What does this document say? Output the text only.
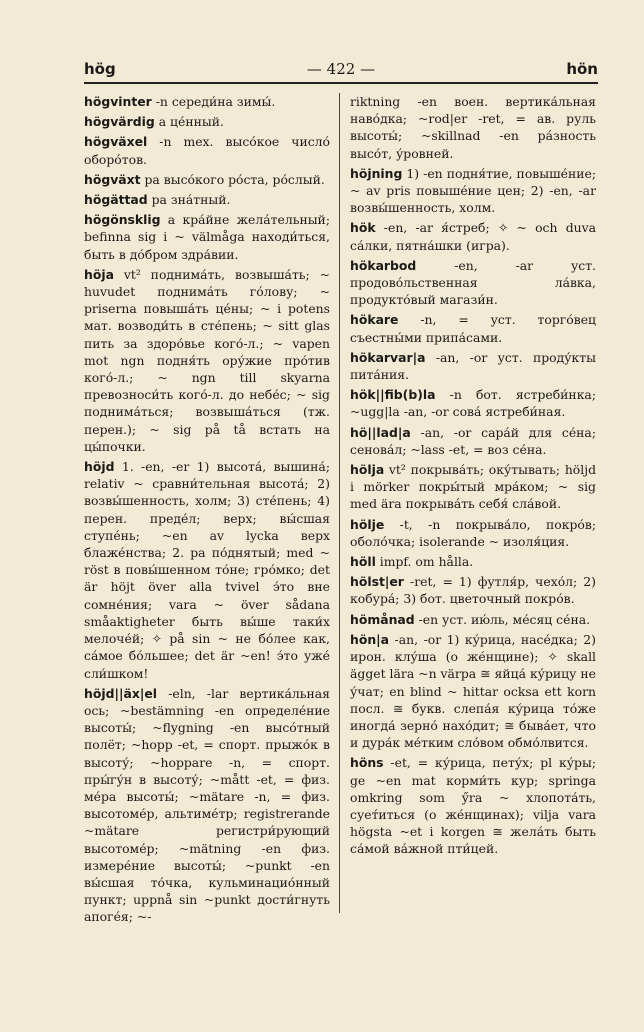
hög	— 422 —	hön

högvinter -n середи́на зимы́.

högvärdig a це́нный.

högväxel -n mex. высо́кое число́ оборо́тов.

högväxt pa высо́кого ро́ста, ро́слый.

högättad pa зна́тный.

högönsklig a кра́йне жела́тельный; befinna sig i ~ välmåga находи́ться, быть в до́бром здра́вии.

höja vt² поднима́ть, возвыша́ть; ~ huvudet поднима́ть го́лову; ~ priserna повыша́ть це́ны; ~ i potens мат. возводи́ть в сте́пень; ~ sitt glas пить за здоро́вье кого́-л.; ~ vapen mot ngn подня́ть ору́жие про́тив кого́-л.; ~ ngn till skyarna превозноси́ть кого́-л. до небе́с; ~ sig поднима́ться; возвыша́ться (тж. перен.); ~ sig på tå встать на цы́почки.

höjd 1. -en, -er 1) высота́, вышина́; relativ ~ сравни́тельная высота́; 2) возвы́шенность, холм; 3) сте́пень; 4) перен. преде́л; верх; вы́сшая ступе́нь; ~en av lycka верх блаже́нства; 2. pa по́днятый; med ~ röst в повы́шенном то́не; гро́мко; det är höjt över alla tvivel э́то вне сомне́ния; vara ~ över sådana småaktigheter быть вы́ше таки́х мелоче́й; ✧ på sin ~ не бо́лее как, са́мое бо́льшее; det är ~en! э́то уже́ сли́шком!

höjd||äx|el -eln, -lar вертика́льная ось; ~bestämning -en определе́ние высоты́; ~flygning -en высо́тный полёт; ~hopp -et, = спорт. прыжо́к в высоту́; ~hoppare -n, = спорт. пры́гу́н в высоту́; ~mått -et, = физ. ме́ра высоты́; ~mätare -n, = физ. высотоме́р, альтиме́тр; registrerande ~mätare регистри́рующий высотоме́р; ~mätning -en физ. измере́ние высоты́; ~punkt -en вы́сшая то́чка, кульминацио́нный пункт; uppnå sin ~punkt дости́гнуть апоге́я; ~-

riktning -en воен. вертика́льная наво́дка; ~rod|er -ret, = ав. руль высоты́; ~skillnad -en ра́зность высо́т, у́ровней.

höjning 1) -en подня́тие, повыше́ние; ~ av pris повыше́ние цен; 2) -en, -ar возвы́шенность, холм.

hök -en, -ar я́стреб; ✧ ~ och duva са́лки, пятна́шки (игра).

hökarbod -en, -ar уст. продово́льственная ла́вка, продукто́вый магази́н.

hökare -n, = уст. торго́вец съестны́ми припа́сами.

hökarvar|a -an, -or уст. проду́кты пита́ния.

hök||fib(b)la -n бот. ястреби́нка; ~ugg|la -an, -or сова́ ястреби́ная.

hö||lad|a -an, -or сара́й для се́на; сенова́л; ~lass -et, = воз се́на.

hölja vt² покрыва́ть; оку́тывать; höljd i mörker покры́тый мра́ком; ~ sig med ära покрыва́ть себя́ сла́вой.

hölje -t, -n покрыва́ло, покро́в; оболо́чка; isolerande ~ изоля́ция.

höll impf. om hålla.

hölst|er -ret, = 1) футля́р, чехо́л; 2) кобура́; 3) бот. цветочный покро́в.

hömånad -en уст. ию́ль, ме́сяц се́на.

hön|a -an, -or 1) ку́рица, насе́дка; 2) ирон. клу́ша (о же́нщине); ✧ skall ägget lära ~n värpa ≅ яйца́ ку́рицу не у́чат; en blind ~ hittar ocksa ett korn посл. ≅ букв. слепа́я ку́рица то́же иногда́ зерно́ нахо́дит; ≅ быва́ет, что и дура́к ме́тким сло́вом обмо́лвится.

höns -et, = ку́рица, пету́х; pl ку́ры; ge ~en mat корми́ть кур; springa omkring som ӳra ~ хлопота́ть, сует́иться (о же́нщинах); vilja vara högsta ~et i korgen ≅ жела́ть быть са́мой ва́жной пти́цей.
